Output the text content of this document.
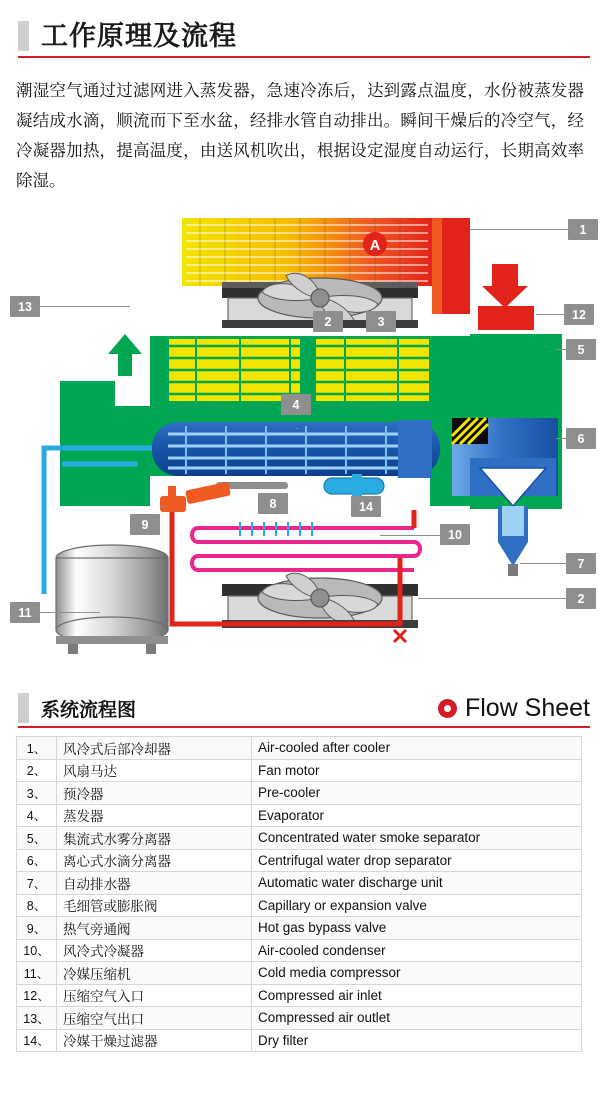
工作原理及流程

潮湿空气通过过滤网进入蒸发器，急速冷冻后，达到露点温度，水份被蒸发器凝结成水滴，顺流而下至水盆，经排水管自动排出。瞬间干燥后的冷空气，经冷凝器加热，提高温度，由送风机吹出，根据设定湿度自动运行，长期高效率除湿。

A
1
2	3
13
12
5
4
6
8	14
9
10
7
11
2
系统流程图	Flow Sheet
1、	风冷式后部冷却器	Air-cooled after cooler
2、	风扇马达	Fan motor
3、	预冷器	Pre-cooler
4、	蒸发器	Evaporator
5、	集流式水雾分离器	Concentrated water smoke separator
6、	离心式水滴分离器	Centrifugal water drop separator
7、	自动排水器	Automatic water discharge unit
8、	毛细管或膨胀阀	Capillary or expansion valve
9、	热气旁通阀	Hot gas bypass valve
10、	风冷式冷凝器	Air-cooled condenser
11、	冷媒压缩机	Cold media compressor
12、	压缩空气入口	Compressed air inlet
13、	压缩空气出口	Compressed air outlet
14、	冷媒干燥过滤器	Dry filter
